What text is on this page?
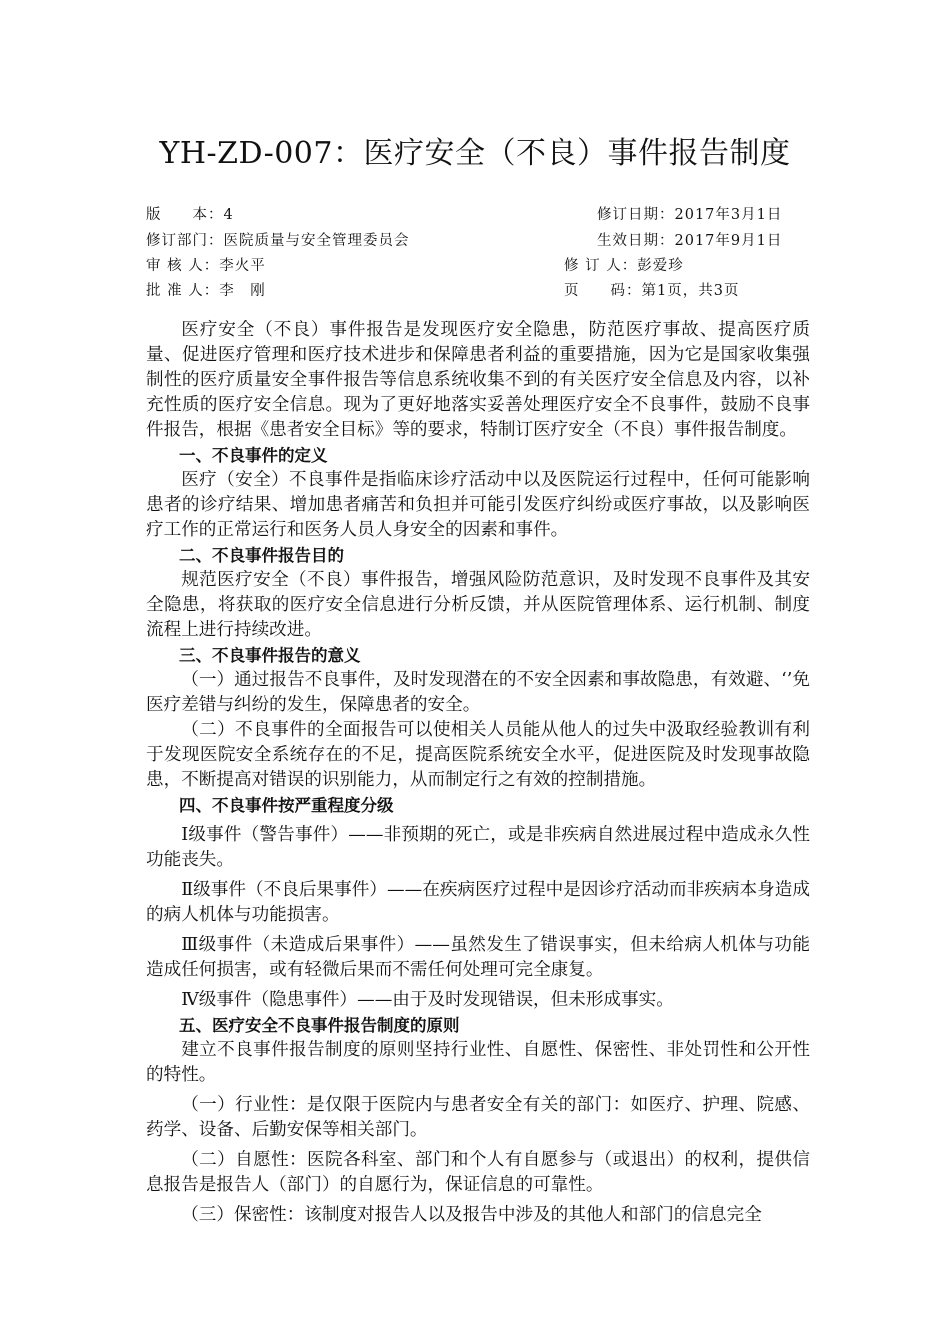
YH-ZD-007：医疗安全（不良）事件报告制度
版　　本：4	修订日期：2017年3月1日
修订部门：医院质量与安全管理委员会	生效日期：2017年9月1日
审 核 人：李火平	修 订 人：彭爱珍
批 准 人：李　刚	页　　码：第1页，共3页

医疗安全（不良）事件报告是发现医疗安全隐患，防范医疗事故、提高医疗质量、促进医疗管理和医疗技术进步和保障患者利益的重要措施，因为它是国家收集强制性的医疗质量安全事件报告等信息系统收集不到的有关医疗安全信息及内容，以补充性质的医疗安全信息。现为了更好地落实妥善处理医疗安全不良事件，鼓励不良事件报告，根据《患者安全目标》等的要求，特制订医疗安全（不良）事件报告制度。

一、不良事件的定义

医疗（安全）不良事件是指临床诊疗活动中以及医院运行过程中，任何可能影响患者的诊疗结果、增加患者痛苦和负担并可能引发医疗纠纷或医疗事故，以及影响医疗工作的正常运行和医务人员人身安全的因素和事件。

二、不良事件报告目的

规范医疗安全（不良）事件报告，增强风险防范意识，及时发现不良事件及其安全隐患，将获取的医疗安全信息进行分析反馈，并从医院管理体系、运行机制、制度流程上进行持续改进。

三、不良事件报告的意义

（一）通过报告不良事件，及时发现潜在的不安全因素和事故隐患，有效避、‘’免医疗差错与纠纷的发生，保障患者的安全。

（二）不良事件的全面报告可以使相关人员能从他人的过失中汲取经验教训有利于发现医院安全系统存在的不足，提高医院系统安全水平，促进医院及时发现事故隐患，不断提高对错误的识别能力，从而制定行之有效的控制措施。

四、不良事件按严重程度分级

Ⅰ级事件（警告事件）——非预期的死亡，或是非疾病自然进展过程中造成永久性功能丧失。

Ⅱ级事件（不良后果事件）——在疾病医疗过程中是因诊疗活动而非疾病本身造成的病人机体与功能损害。

Ⅲ级事件（未造成后果事件）——虽然发生了错误事实，但未给病人机体与功能造成任何损害，或有轻微后果而不需任何处理可完全康复。

Ⅳ级事件（隐患事件）——由于及时发现错误，但未形成事实。

五、医疗安全不良事件报告制度的原则

建立不良事件报告制度的原则坚持行业性、自愿性、保密性、非处罚性和公开性的特性。

（一）行业性：是仅限于医院内与患者安全有关的部门：如医疗、护理、院感、药学、设备、后勤安保等相关部门。

（二）自愿性：医院各科室、部门和个人有自愿参与（或退出）的权利，提供信息报告是报告人（部门）的自愿行为，保证信息的可靠性。

（三）保密性：该制度对报告人以及报告中涉及的其他人和部门的信息完全
